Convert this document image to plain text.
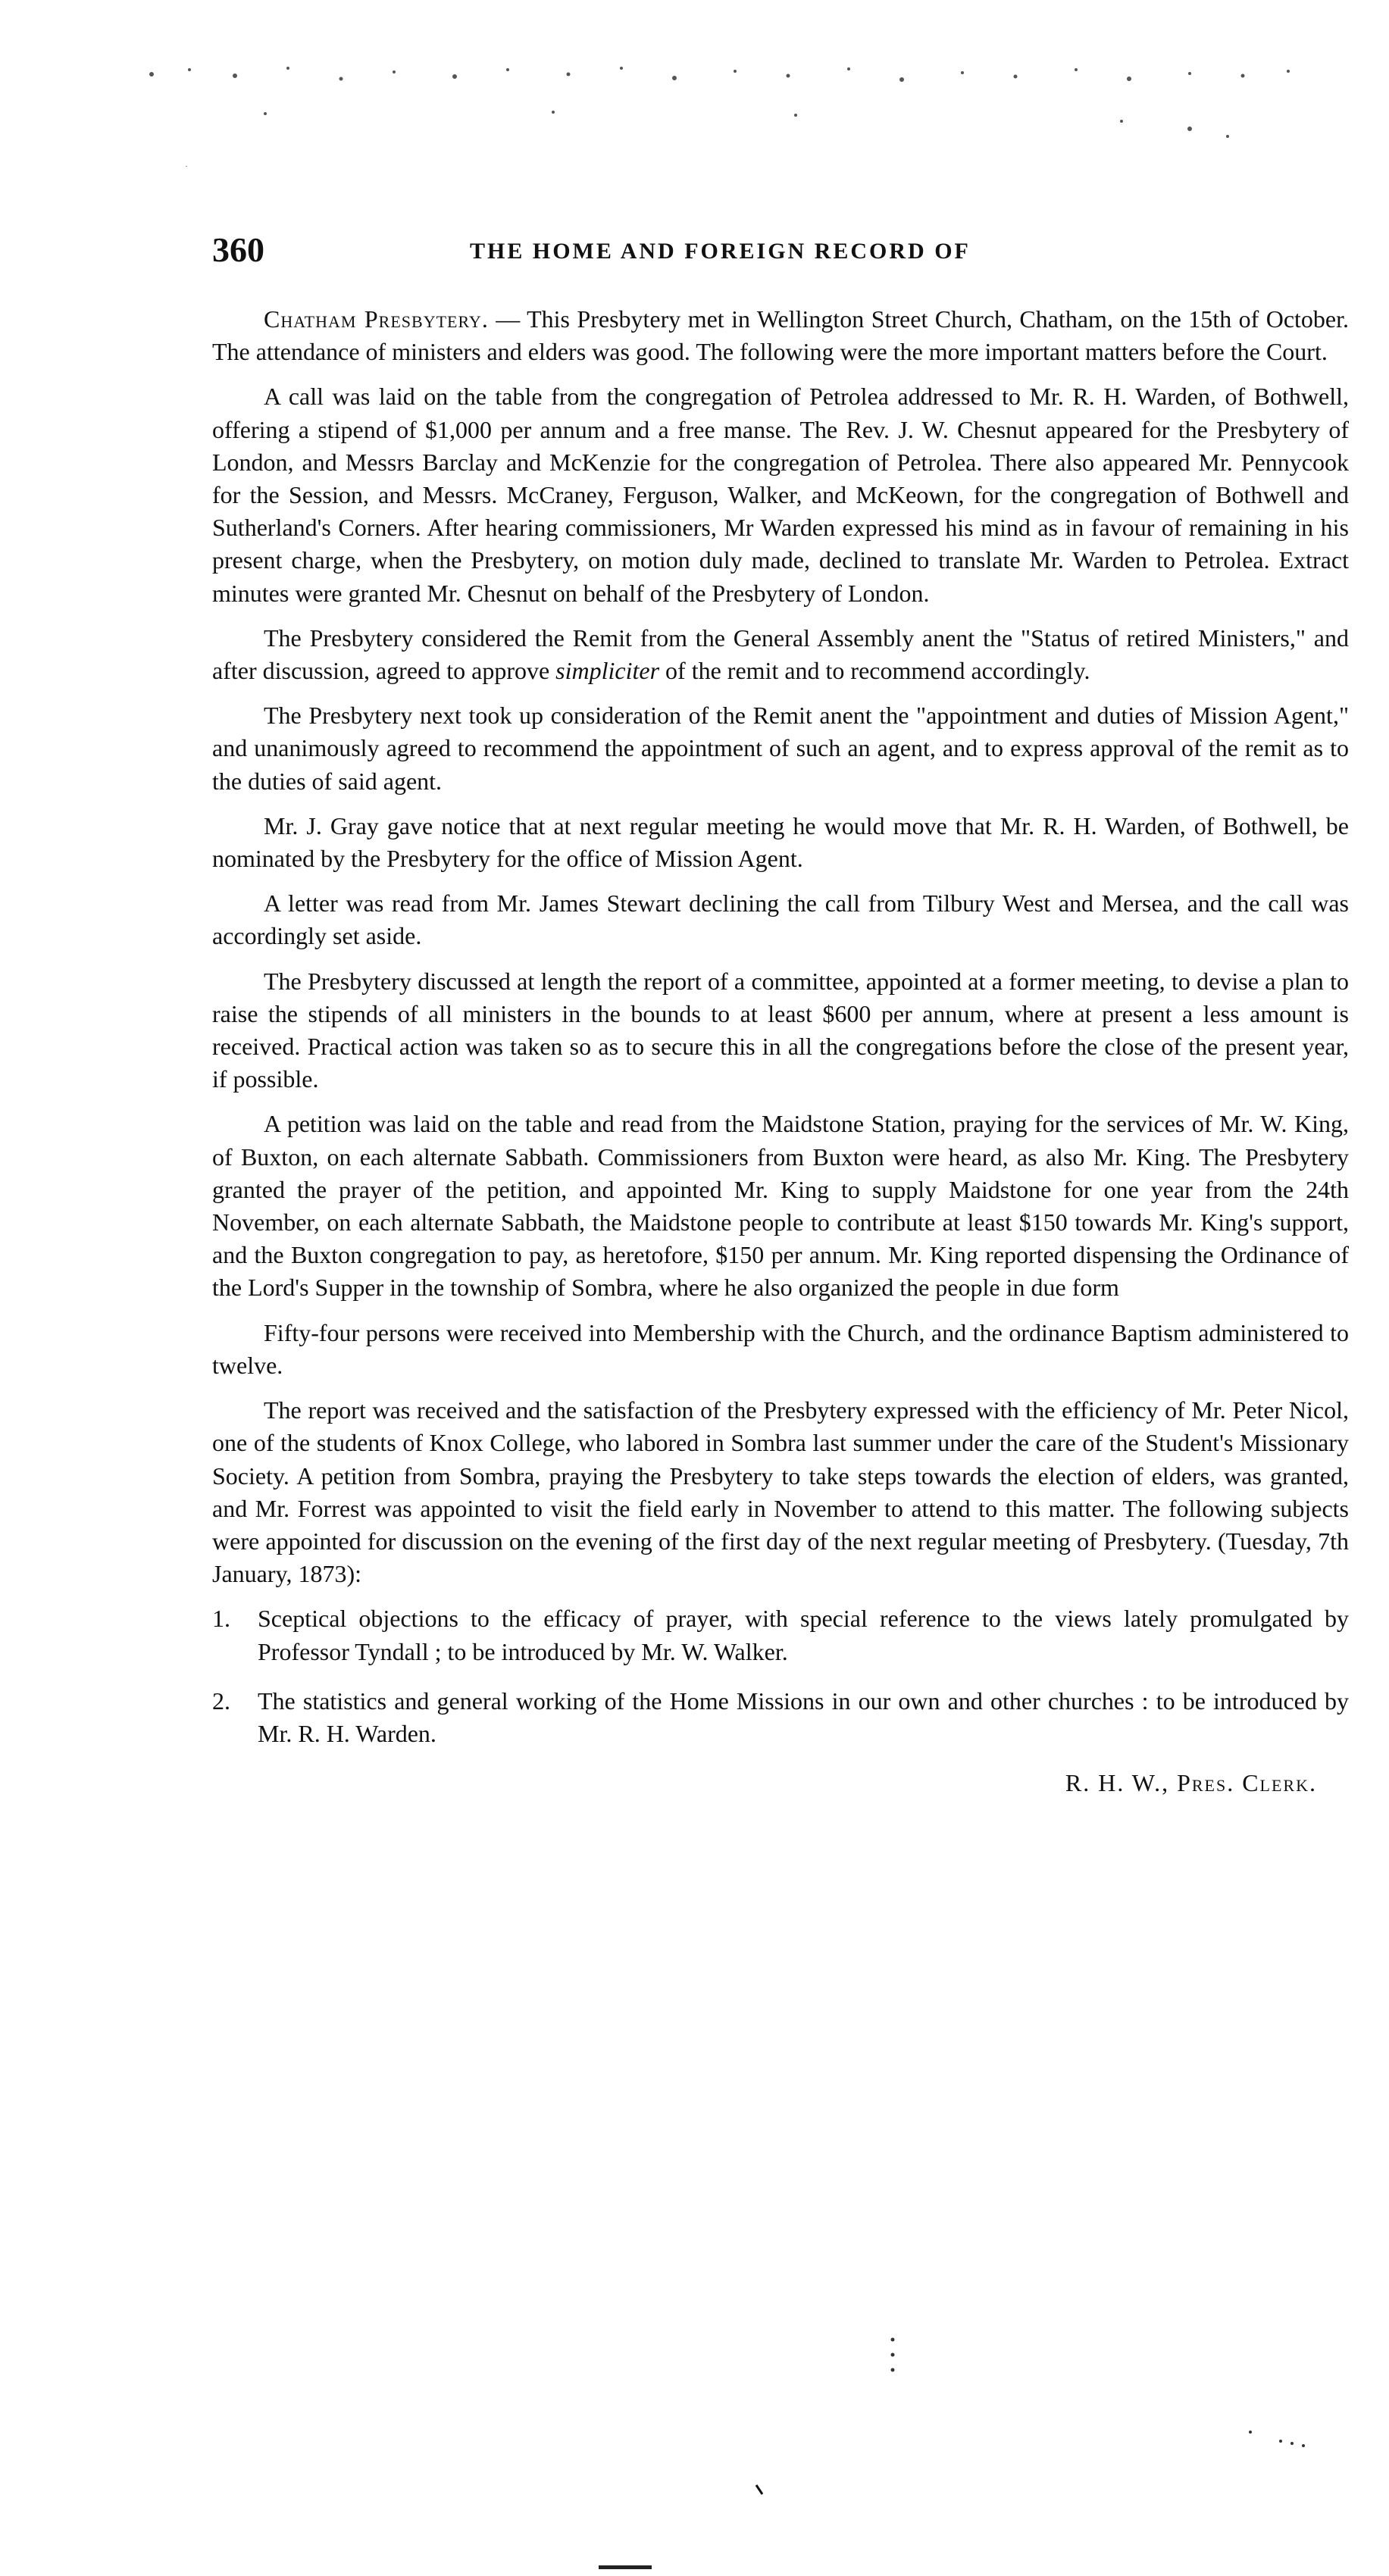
360	THE HOME AND FOREIGN RECORD OF

Chatham Presbytery. — This Presbytery met in Wellington Street Church, Chatham, on the 15th of October. The attendance of ministers and elders was good. The following were the more important matters before the Court.

A call was laid on the table from the congregation of Petrolea addressed to Mr. R. H. Warden, of Bothwell, offering a stipend of $1,000 per annum and a free manse. The Rev. J. W. Chesnut appeared for the Presbytery of London, and Messrs Barclay and McKenzie for the congregation of Petrolea. There also appeared Mr. Pennycook for the Session, and Messrs. McCraney, Ferguson, Walker, and McKeown, for the congregation of Bothwell and Sutherland's Corners. After hearing commissioners, Mr Warden expressed his mind as in favour of remaining in his present charge, when the Presbytery, on motion duly made, declined to translate Mr. Warden to Petrolea. Extract minutes were granted Mr. Chesnut on behalf of the Presbytery of London.

The Presbytery considered the Remit from the General Assembly anent the "Status of retired Ministers," and after discussion, agreed to approve simpliciter of the remit and to recommend accordingly.

The Presbytery next took up consideration of the Remit anent the "appointment and duties of Mission Agent," and unanimously agreed to recommend the appointment of such an agent, and to express approval of the remit as to the duties of said agent.

Mr. J. Gray gave notice that at next regular meeting he would move that Mr. R. H. Warden, of Bothwell, be nominated by the Presbytery for the office of Mission Agent.

A letter was read from Mr. James Stewart declining the call from Tilbury West and Mersea, and the call was accordingly set aside.

The Presbytery discussed at length the report of a committee, appointed at a former meeting, to devise a plan to raise the stipends of all ministers in the bounds to at least $600 per annum, where at present a less amount is received. Practical action was taken so as to secure this in all the congregations before the close of the present year, if possible.

A petition was laid on the table and read from the Maidstone Station, praying for the services of Mr. W. King, of Buxton, on each alternate Sabbath. Commissioners from Buxton were heard, as also Mr. King. The Presbytery granted the prayer of the petition, and appointed Mr. King to supply Maidstone for one year from the 24th November, on each alternate Sabbath, the Maidstone people to contribute at least $150 towards Mr. King's support, and the Buxton congregation to pay, as heretofore, $150 per annum. Mr. King reported dispensing the Ordinance of the Lord's Supper in the township of Sombra, where he also organized the people in due form

Fifty-four persons were received into Membership with the Church, and the ordinance Baptism administered to twelve.

The report was received and the satisfaction of the Presbytery expressed with the efficiency of Mr. Peter Nicol, one of the students of Knox College, who labored in Sombra last summer under the care of the Student's Missionary Society. A petition from Sombra, praying the Presbytery to take steps towards the election of elders, was granted, and Mr. Forrest was appointed to visit the field early in November to attend to this matter. The following subjects were appointed for discussion on the evening of the first day of the next regular meeting of Presbytery. (Tuesday, 7th January, 1873):

1. Sceptical objections to the efficacy of prayer, with special reference to the views lately promulgated by Professor Tyndall ; to be introduced by Mr. W. Walker.
2. The statistics and general working of the Home Missions in our own and other churches : to be introduced by Mr. R. H. Warden.

R. H. W., Pres. Clerk.
